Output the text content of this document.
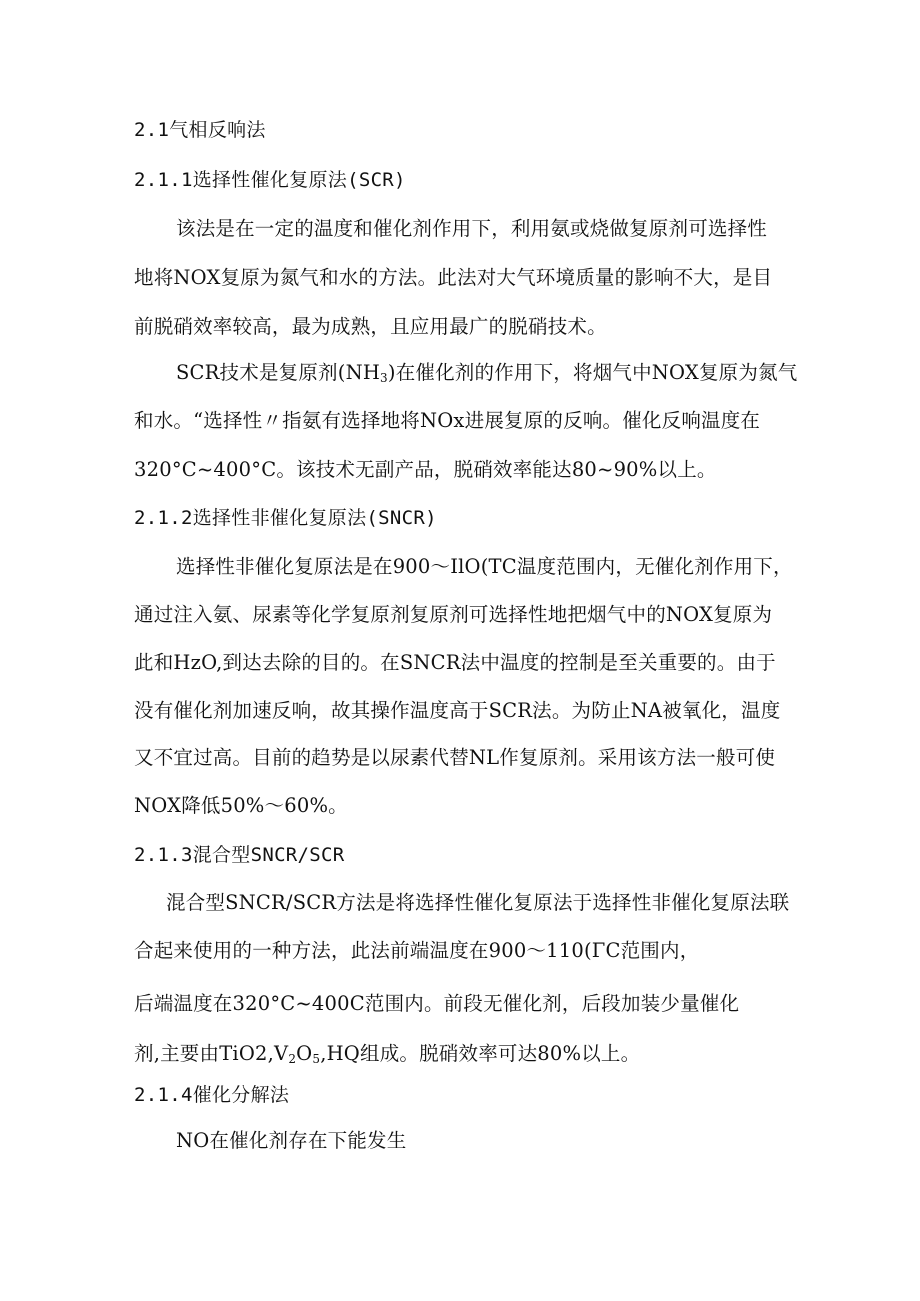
2.1气相反响法
2.1.1选择性催化复原法(SCR)
该法是在一定的温度和催化剂作用下，利用氨或烧做复原剂可选择性
地将NOX复原为氮气和水的方法。此法对大气环境质量的影响不大，是目
前脱硝效率较高，最为成熟，且应用最广的脱硝技术。
SCR技术是复原剂$(NH_3)$在催化剂的作用下，将烟气中NOX复原为氮气
和水。“选择性〃指氨有选择地将NOx进展复原的反响。催化反响温度在
320°C~400°C。该技术无副产品，脱硝效率能达80~90%以上。
2.1.2选择性非催化复原法(SNCR)
选择性非催化复原法是在900～IlO(TC温度范围内，无催化剂作用下，
通过注入氨、尿素等化学复原剂复原剂可选择性地把烟气中的NOX复原为
此和HzO,到达去除的目的。在SNCR法中温度的控制是至关重要的。由于
没有催化剂加速反响，故其操作温度高于SCR法。为防止NA被氧化，温度
又不宜过高。目前的趋势是以尿素代替NL作复原剂。采用该方法一般可使
NOX降低50%～60%。
2.1.3混合型SNCR/SCR
混合型SNCR/SCR方法是将选择性催化复原法于选择性非催化复原法联
合起来使用的一种方法，此法前端温度在900～110(ΓC范围内，
后端温度在320°C~400C范围内。前段无催化剂，后段加装少量催化
剂,主要由$TiO2,V_2O_5,HQ$组成。脱硝效率可达80%以上。
2.1.4催化分解法
NO在催化剂存在下能发生
